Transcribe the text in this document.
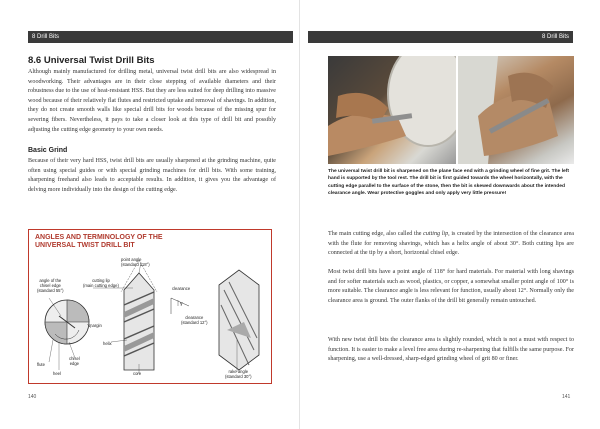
8 Drill Bits
8.6 Universal Twist Drill Bits
Although mainly manufactured for drilling metal, universal twist drill bits are also widespread in woodworking. Their advantages are in their close stepping of available diameters and their robustness due to the use of heat-resistant HSS. But they are less suited for deep drilling into massive wood because of their relatively flat flutes and restricted uptake and removal of shavings. In addition, they do not create smooth walls like special drill bits for woods because of the missing spur for severing fibers. Nevertheless, it pays to take a closer look at this type of drill bit and possibly adjusting the cutting edge geometry to your own needs.
Basic Grind
Because of their very hard HSS, twist drill bits are usually sharpened at the grinding machine, quite often using special guides or with special grinding machines for drill bits. With some training, sharpening freehand also leads to acceptable results. In addition, it gives you the advantage of delving more individually into the design of the cutting edge.
ANGLES AND TERMINOLOGY OF THE
UNIVERSAL TWIST DRILL BIT
point angle
(standard 118°)
angle of the
chisel edge
(standard 55°)
cutting lip
(main cutting edge)
clearance
γ
clearance
(standard 12°)
margin
helix
chisel
edge
flute
heel	core	rake angle
(standard 30°)
140
8 Drill Bits
The universal twist drill bit is sharpened on the plane face end with a grinding wheel of fine grit. The left hand is supported by the tool rest. The drill bit is first guided towards the wheel horizontally, with the cutting edge parallel to the surface of the stone, then the bit is skewed downwards about the intended clearance angle. Wear protective goggles and only apply very little pressure!
The main cutting edge, also called the cutting lip, is created by the intersection of the clearance area with the flute for removing shavings, which has a helix angle of about 30°. Both cutting lips are connected at the tip by a short, horizontal chisel edge.
Most twist drill bits have a point angle of 118° for hard materials. For material with long shavings and for softer materials such as wood, plastics, or copper, a somewhat smaller point angle of 100° is more suitable. The clearance angle is less relevant for function, usually about 12°. Normally only the clearance area is ground. The outer flanks of the drill bit generally remain untouched.
With new twist drill bits the clearance area is slightly rounded, which is not a must with respect to function. It is easier to make a level free area during re-sharpening that fulfills the same purpose. For sharpening, use a well-dressed, sharp-edged grinding wheel of grit 80 or finer.
141
